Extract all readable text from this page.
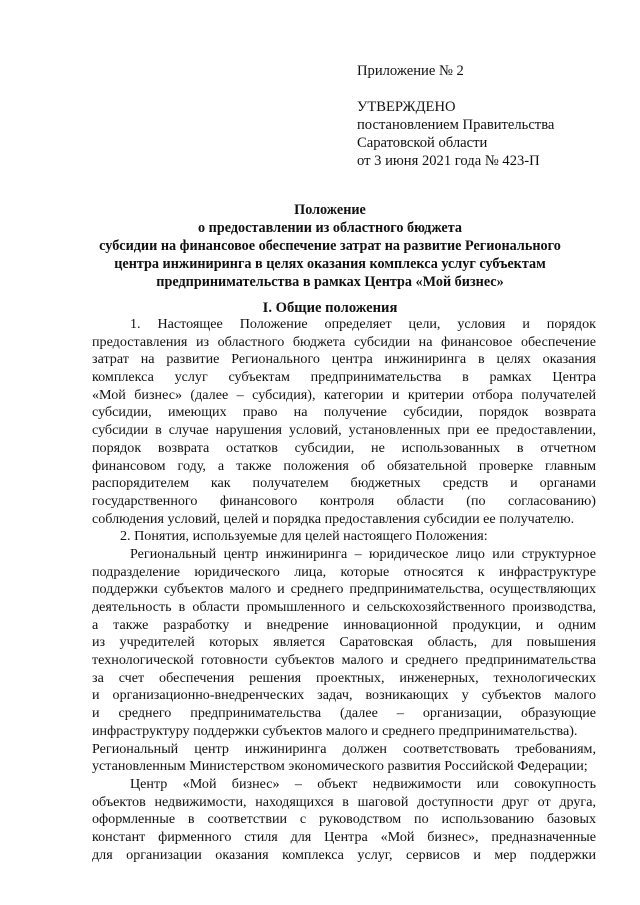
Приложение № 2
УТВЕРЖДЕНО
постановлением Правительства
Саратовской области
от 3 июня 2021 года № 423-П
Положение
о предоставлении из областного бюджета
субсидии на финансовое обеспечение затрат на развитие Регионального
центра инжиниринга в целях оказания комплекса услуг субъектам
предпринимательства в рамках Центра «Мой бизнес»
I. Общие положения
1. Настоящее Положение определяет цели, условия и порядок
предоставления из областного бюджета субсидии на финансовое обеспечение
затрат на развитие Регионального центра инжиниринга в целях оказания
комплекса услуг субъектам предпринимательства в рамках Центра
«Мой бизнес» (далее – субсидия), категории и критерии отбора получателей
субсидии, имеющих право на получение субсидии, порядок возврата
субсидии в случае нарушения условий, установленных при ее предоставлении,
порядок возврата остатков субсидии, не использованных в отчетном
финансовом году, а также положения об обязательной проверке главным
распорядителем как получателем бюджетных средств и органами
государственного финансового контроля области (по согласованию)
соблюдения условий, целей и порядка предоставления субсидии ее получателю.
2. Понятия, используемые для целей настоящего Положения:
Региональный центр инжиниринга – юридическое лицо или структурное
подразделение юридического лица, которые относятся к инфраструктуре
поддержки субъектов малого и среднего предпринимательства, осуществляющих
деятельность в области промышленного и сельскохозяйственного производства,
а также разработку и внедрение инновационной продукции, и одним
из учредителей которых является Саратовская область, для повышения
технологической готовности субъектов малого и среднего предпринимательства
за счет обеспечения решения проектных, инженерных, технологических
и организационно-внедренческих задач, возникающих у субъектов малого
и среднего предпринимательства (далее – организации, образующие
инфраструктуру поддержки субъектов малого и среднего предпринимательства).
Региональный центр инжиниринга должен соответствовать требованиям,
установленным Министерством экономического развития Российской Федерации;
Центр «Мой бизнес» – объект недвижимости или совокупность
объектов недвижимости, находящихся в шаговой доступности друг от друга,
оформленные в соответствии с руководством по использованию базовых
констант фирменного стиля для Центра «Мой бизнес», предназначенные
для организации оказания комплекса услуг, сервисов и мер поддержки
